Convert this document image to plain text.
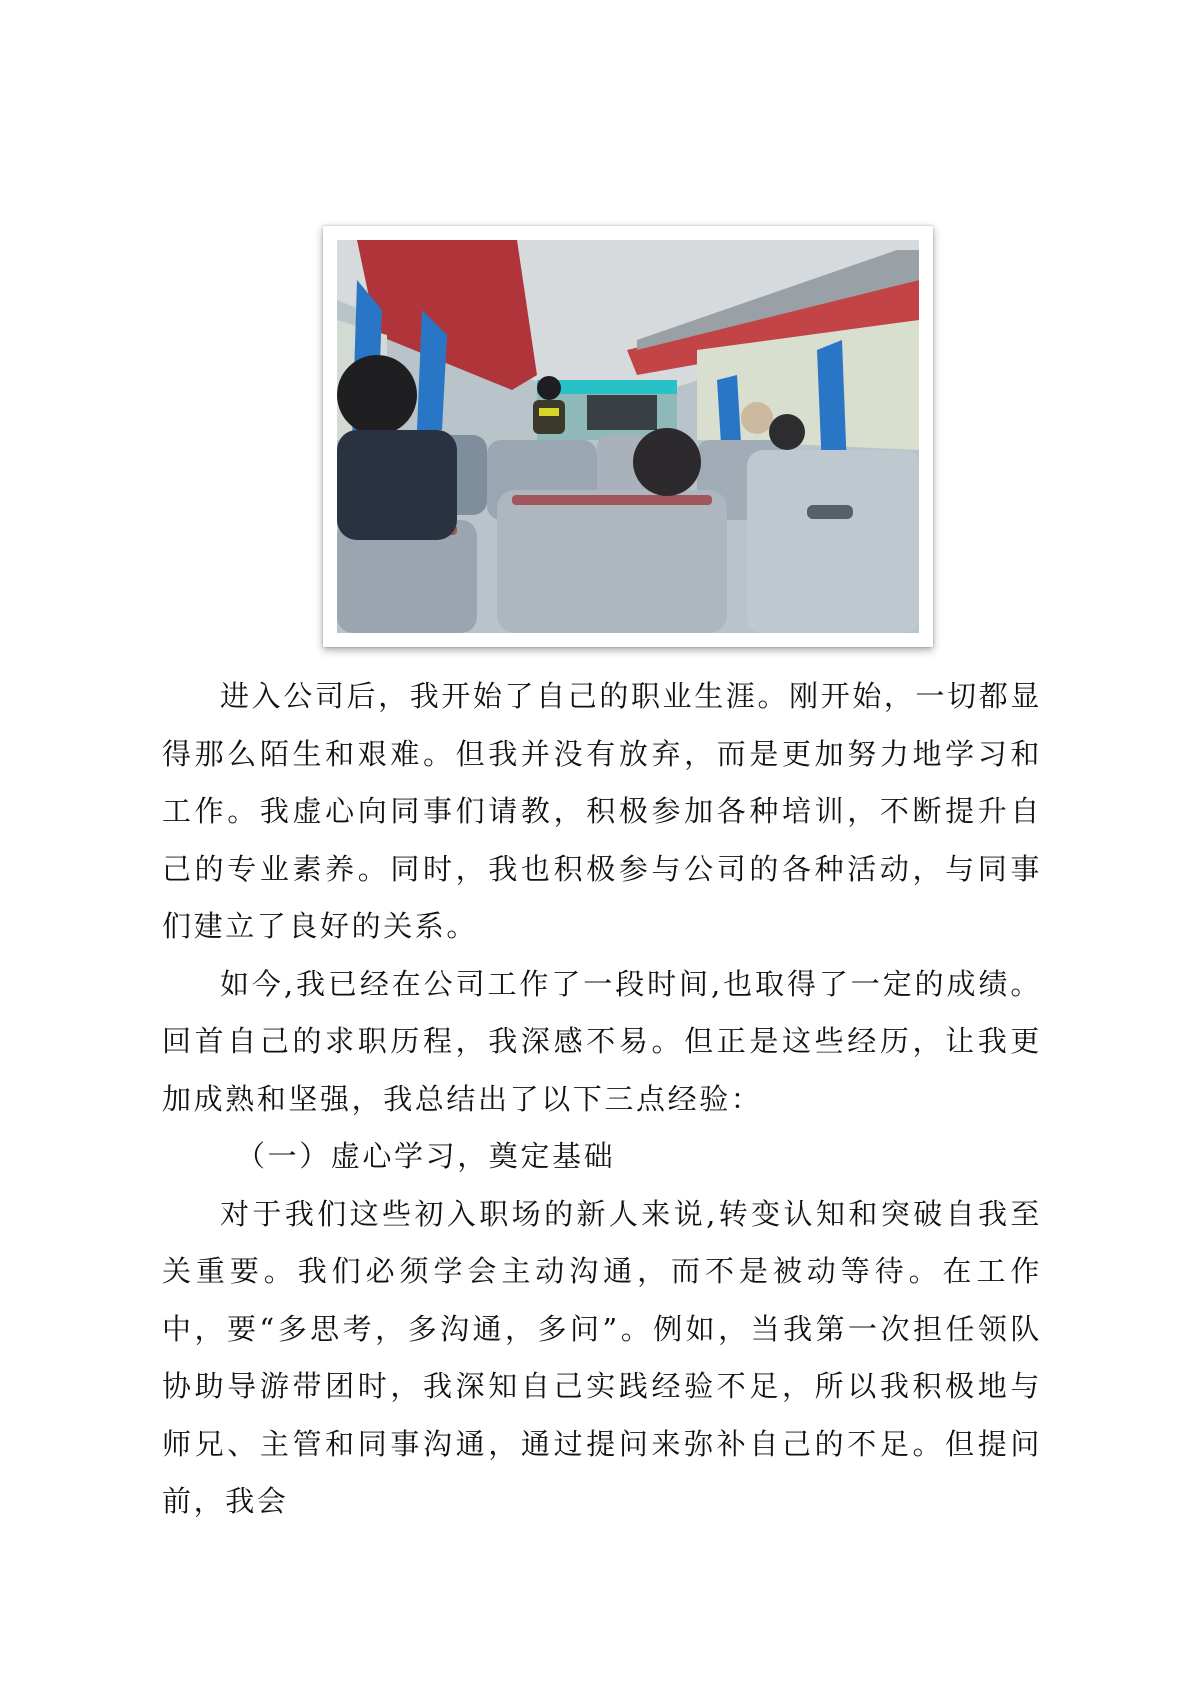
进入公司后，我开始了自己的职业生涯。刚开始，一切都显得那么陌生和艰难。但我并没有放弃，而是更加努力地学习和工作。我虚心向同事们请教，积极参加各种培训，不断提升自己的专业素养。同时，我也积极参与公司的各种活动，与同事们建立了良好的关系。

如今,我已经在公司工作了一段时间,也取得了一定的成绩。回首自己的求职历程，我深感不易。但正是这些经历，让我更加成熟和坚强，我总结出了以下三点经验：

（一）虚心学习，奠定基础

对于我们这些初入职场的新人来说,转变认知和突破自我至关重要。我们必须学会主动沟通，而不是被动等待。在工作中，要“多思考，多沟通，多问”。例如，当我第一次担任领队协助导游带团时，我深知自己实践经验不足，所以我积极地与师兄、主管和同事沟通，通过提问来弥补自己的不足。但提问前，我会
